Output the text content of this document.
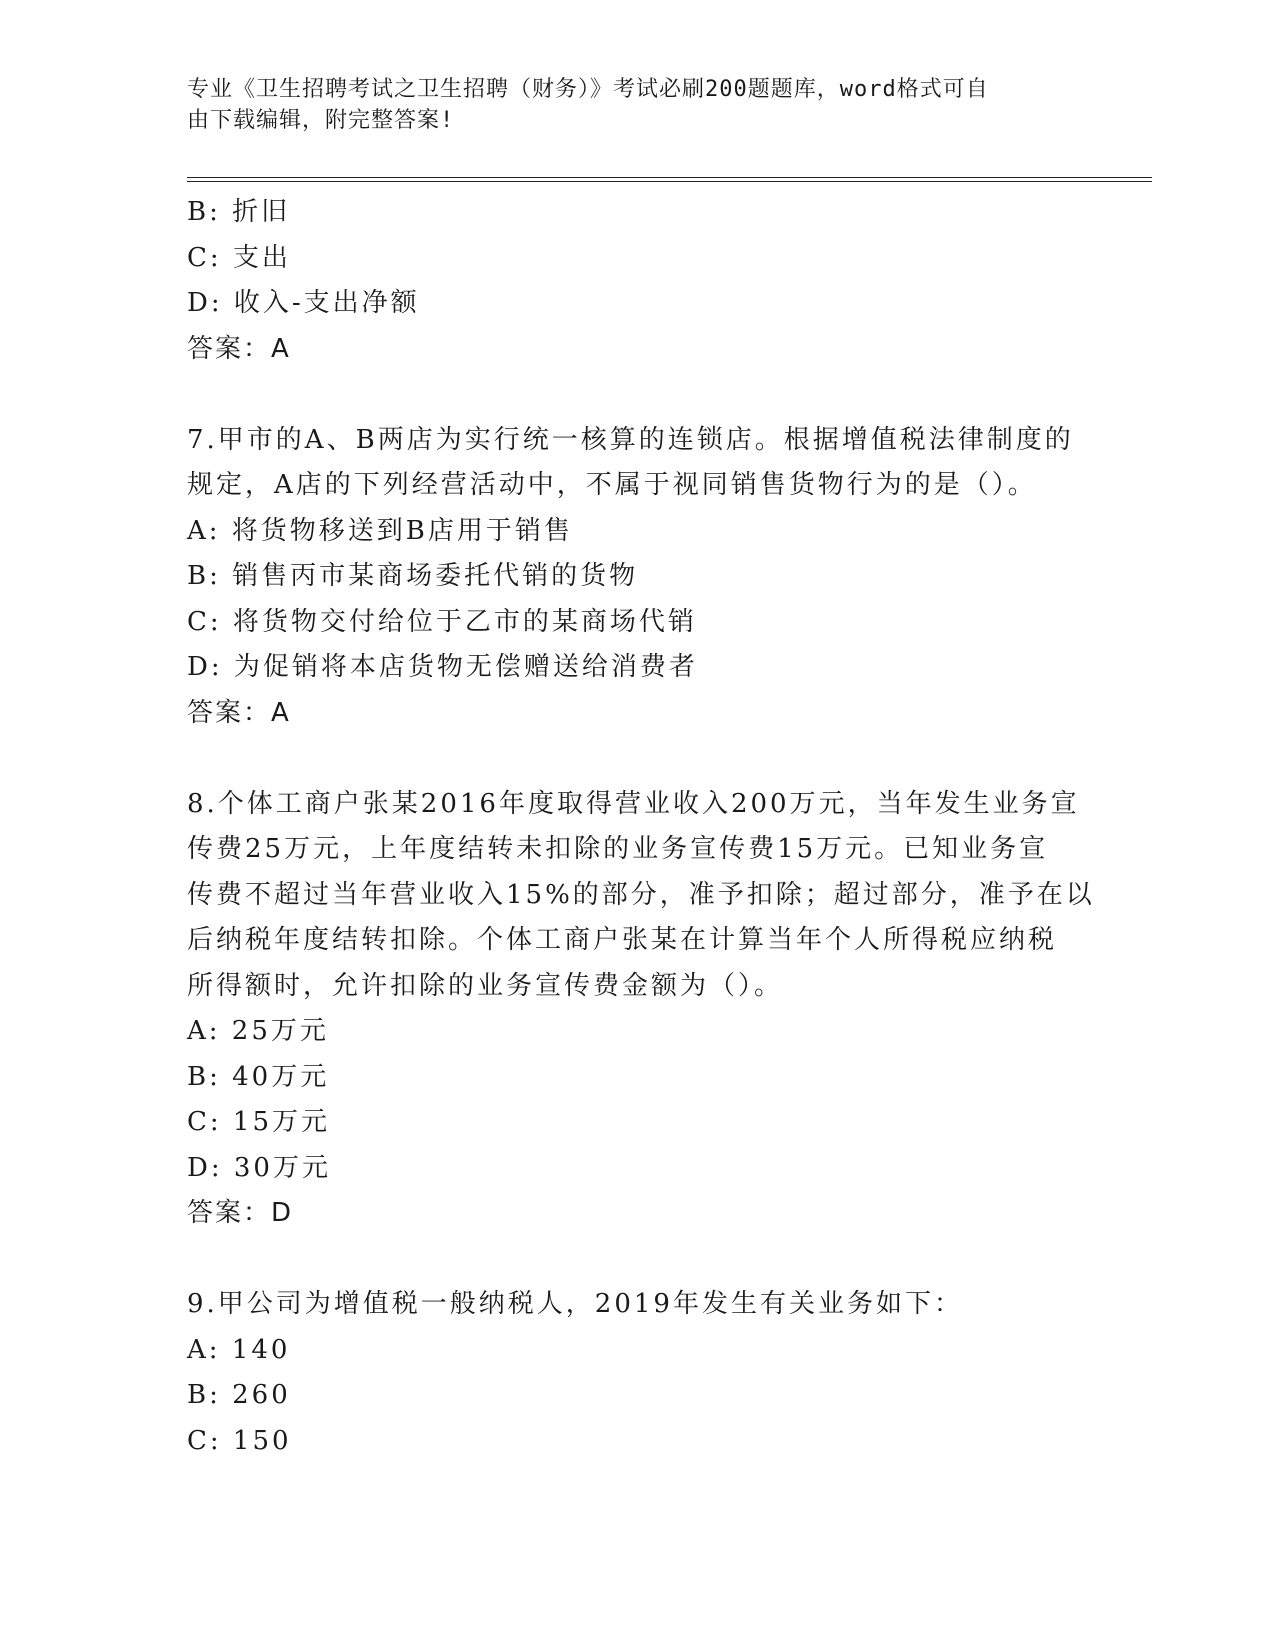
专业《卫生招聘考试之卫生招聘（财务）》考试必刷200题题库，word格式可自
由下载编辑，附完整答案!
B: 折旧
C: 支出
D: 收入-支出净额
答案：A
7.甲市的A、B两店为实行统一核算的连锁店。根据增值税法律制度的
规定，A店的下列经营活动中，不属于视同销售货物行为的是（）。
A: 将货物移送到B店用于销售
B: 销售丙市某商场委托代销的货物
C: 将货物交付给位于乙市的某商场代销
D: 为促销将本店货物无偿赠送给消费者
答案：A
8.个体工商户张某2016年度取得营业收入200万元，当年发生业务宣
传费25万元，上年度结转未扣除的业务宣传费15万元。已知业务宣
传费不超过当年营业收入15%的部分，准予扣除；超过部分，准予在以
后纳税年度结转扣除。个体工商户张某在计算当年个人所得税应纳税
所得额时，允许扣除的业务宣传费金额为（）。
A: 25万元
B: 40万元
C: 15万元
D: 30万元
答案：D
9.甲公司为增值税一般纳税人，2019年发生有关业务如下：
A: 140
B: 260
C: 150
